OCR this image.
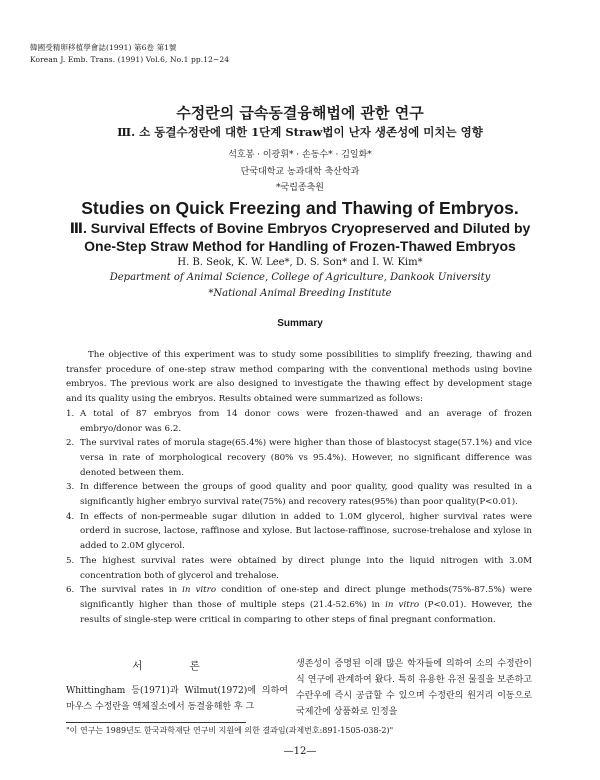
韓國受精卵移植學會誌(1991) 第6卷 第1號
Korean J. Emb. Trans. (1991) Vol.6, No.1 pp.12~24
수정란의 급속동결융해법에 관한 연구
Ⅲ. 소 동결수정란에 대한 1단계 Straw법이 난자 생존성에 미치는 영향
석호봉 · 이광휘* · 손동수* · 김일화*
단국대학교 농과대학 축산학과
*국립종축원
Studies on Quick Freezing and Thawing of Embryos.
Ⅲ. Survival Effects of Bovine Embryos Cryopreserved and Diluted by
One-Step Straw Method for Handling of Frozen-Thawed Embryos
H. B. Seok, K. W. Lee*, D. S. Son* and I. W. Kim*
Department of Animal Science, College of Agriculture, Dankook University
*National Animal Breeding Institute
Summary

The objective of this experiment was to study some possibilities to simplify freezing, thawing and transfer procedure of one-step straw method comparing with the conventional methods using bovine embryos. The previous work are also designed to investigate the thawing effect by development stage and its quality using the embryos. Results obtained were summarized as follows:

1. A total of 87 embryos from 14 donor cows were frozen-thawed and an average of frozen embryo/donor was 6.2.
2. The survival rates of morula stage(65.4%) were higher than those of blastocyst stage(57.1%) and vice versa in rate of morphological recovery (80% vs 95.4%). However, no significant difference was denoted between them.
3. In difference between the groups of good quality and poor quality, good quality was resulted in a significantly higher embryo survival rate(75%) and recovery rates(95%) than poor quality(P<0.01).
4. In effects of non-permeable sugar dilution in added to 1.0M glycerol, higher survival rates were orderd in sucrose, lactose, raffinose and xylose. But lactose-raffinose, sucrose-trehalose and xylose in added to 2.0M glycerol.
5. The highest survival rates were obtained by direct plunge into the liquid nitrogen with 3.0M concentration both of glycerol and trehalose.
6. The survival rates in in vitro condition of one-step and direct plunge methods(75%-87.5%) were significantly higher than those of multiple steps (21.4-52.6%) in in vitro (P<0.01). However, the results of single-step were critical in comparing to other steps of final pregnant conformation.
서 론
Whittingham 등(1971)과 Wilmut(1972)에 의하여 마우스 수정란을 액체질소에서 동결융해한 후 그
생존성이 증명된 이래 많은 학자들에 의하여 소의 수정란이식 연구에 관계하여 왔다. 특히 유용한 유전 물질을 보존하고 수란우에 즉시 공급할 수 있으며 수정란의 원거리 이동으로 국제간에 상품화로 인정을
"이 연구는 1989년도 한국과학재단 연구비 지원에 의한 결과임(과제번호:891-1505-038-2)"
—12—
